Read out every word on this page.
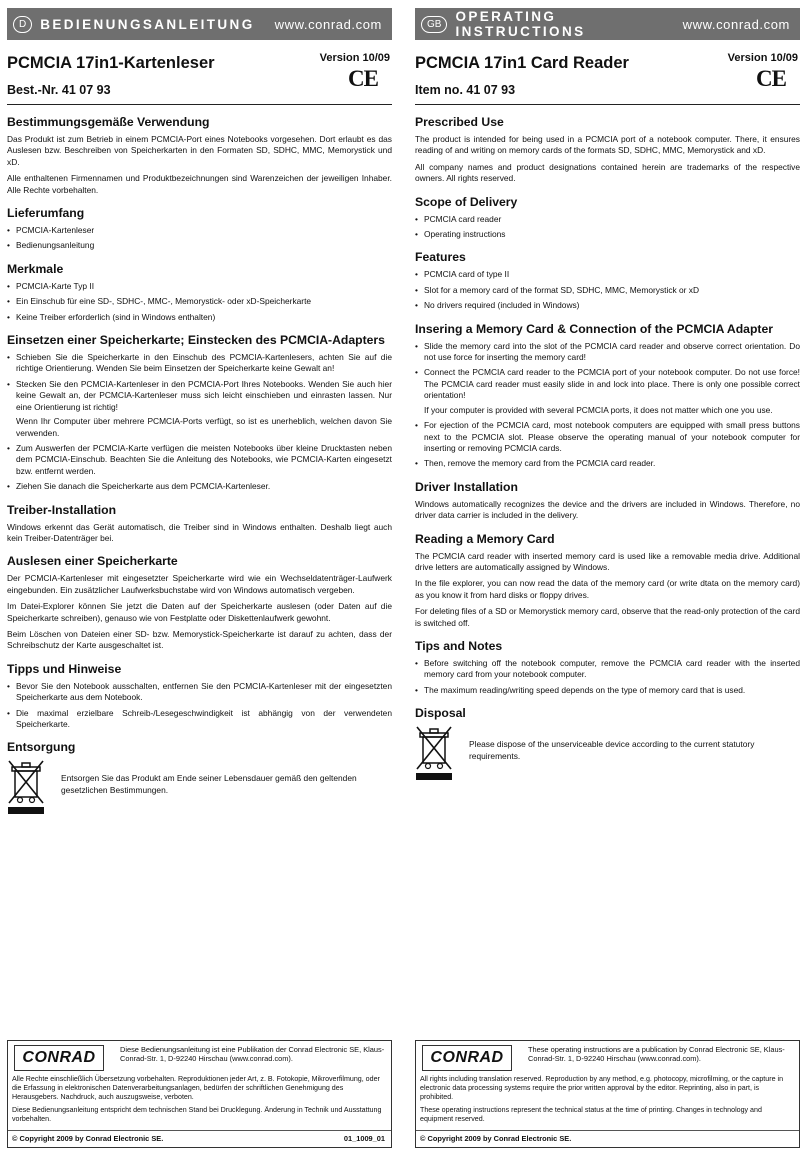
D	BEDIENUNGSANLEITUNG www.conrad.com
PCMCIA 17in1-Kartenleser
Best.-Nr. 41 07 93
Version 10/09
CE
Bestimmungsgemäße Verwendung

Das Produkt ist zum Betrieb in einem PCMCIA-Port eines Notebooks vorgesehen. Dort erlaubt es das Auslesen bzw. Beschreiben von Speicherkarten in den Formaten SD, SDHC, MMC, Memorystick und xD.

Alle enthaltenen Firmennamen und Produktbezeichnungen sind Warenzeichen der jeweiligen Inhaber. Alle Rechte vorbehalten.

Lieferumfang
• PCMCIA-Kartenleser
• Bedienungsanleitung
Merkmale
• PCMCIA-Karte Typ II
• Ein Einschub für eine SD-, SDHC-, MMC-, Memorystick- oder xD-Speicherkarte
• Keine Treiber erforderlich (sind in Windows enthalten)
Einsetzen einer Speicherkarte; Einstecken des PCMCIA-Adapters
• Schieben Sie die Speicherkarte in den Einschub des PCMCIA-Kartenlesers, achten Sie auf die richtige Orientierung. Wenden Sie beim Einsetzen der Speicherkarte keine Gewalt an!
• Stecken Sie den PCMCIA-Kartenleser in den PCMCIA-Port Ihres Notebooks. Wenden Sie auch hier keine Gewalt an, der PCMCIA-Kartenleser muss sich leicht einschieben und einrasten lassen. Nur eine Orientierung ist richtig!
Wenn Ihr Computer über mehrere PCMCIA-Ports verfügt, so ist es unerheblich, welchen davon Sie verwenden.
• Zum Auswerfen der PCMCIA-Karte verfügen die meisten Notebooks über kleine Drucktasten neben dem PCMCIA-Einschub. Beachten Sie die Anleitung des Notebooks, wie PCMCIA-Karten eingesetzt bzw. entfernt werden.
• Ziehen Sie danach die Speicherkarte aus dem PCMCIA-Kartenleser.
Treiber-Installation

Windows erkennt das Gerät automatisch, die Treiber sind in Windows enthalten. Deshalb liegt auch kein Treiber-Datenträger bei.

Auslesen einer Speicherkarte

Der PCMCIA-Kartenleser mit eingesetzter Speicherkarte wird wie ein Wechseldatenträger-Laufwerk eingebunden. Ein zusätzlicher Laufwerksbuchstabe wird von Windows automatisch vergeben.

Im Datei-Explorer können Sie jetzt die Daten auf der Speicherkarte auslesen (oder Daten auf die Speicherkarte schreiben), genauso wie von Festplatte oder Diskettenlaufwerk gewohnt.

Beim Löschen von Dateien einer SD- bzw. Memorystick-Speicherkarte ist darauf zu achten, dass der Schreibschutz der Karte ausgeschaltet ist.

Tipps und Hinweise
• Bevor Sie den Notebook ausschalten, entfernen Sie den PCMCIA-Kartenleser mit der eingesetzten Speicherkarte aus dem Notebook.
• Die maximal erzielbare Schreib-/Lesegeschwindigkeit ist abhängig von der verwendeten Speicherkarte.
Entsorgung
Entsorgen Sie das Produkt am Ende seiner Lebensdauer gemäß den geltenden gesetzlichen Bestimmungen.
GB	OPERATING INSTRUCTIONS	www.conrad.com
PCMCIA 17in1 Card Reader
Item no. 41 07 93
Version 10/09
CE
Prescribed Use

The product is intended for being used in a PCMCIA port of a notebook computer. There, it ensures reading of and writing on memory cards of the formats SD, SDHC, MMC, Memorystick and xD.

All company names and product designations contained herein are trademarks of the respective owners. All rights reserved.

Scope of Delivery
• PCMCIA card reader
• Operating instructions
Features
• PCMCIA card of type II
• Slot for a memory card of the format SD, SDHC, MMC, Memorystick or xD
• No drivers required (included in Windows)
Insering a Memory Card & Connection of the PCMCIA Adapter
• Slide the memory card into the slot of the PCMCIA card reader and observe correct orientation. Do not use force for inserting the memory card!
• Connect the PCMCIA card reader to the PCMCIA port of your notebook computer. Do not use force! The PCMCIA card reader must easily slide in and lock into place. There is only one possible correct orientation!
If your computer is provided with several PCMCIA ports, it does not matter which one you use.
• For ejection of the PCMCIA card, most notebook computers are equipped with small press buttons next to the PCMCIA slot. Please observe the operating manual of your notebook computer for inserting or removing PCMCIA cards.
• Then, remove the memory card from the PCMCIA card reader.
Driver Installation

Windows automatically recognizes the device and the drivers are included in Windows. Therefore, no driver data carrier is included in the delivery.

Reading a Memory Card

The PCMCIA card reader with inserted memory card is used like a removable media drive. Additional drive letters are automatically assigned by Windows.

In the file explorer, you can now read the data of the memory card (or write dtata on the memory card) as you know it from hard disks or floppy drives.

For deleting files of a SD or Memorystick memory card, observe that the read-only protection of the card is switched off.

Tips and Notes
• Before switching off the notebook computer, remove the PCMCIA card reader with the inserted memory card from your notebook computer.
• The maximum reading/writing speed depends on the type of memory card that is used.
Disposal
Please dispose of the unserviceable device according to the current statutory requirements.
CONRAD	Diese Bedienungsanleitung ist eine Publikation der Conrad Electronic SE, Klaus-Conrad-Str. 1, D-92240 Hirschau (www.conrad.com).
Alle Rechte einschließlich Übersetzung vorbehalten. Reproduktionen jeder Art, z. B. Fotokopie, Mikroverfilmung, oder die Erfassung in elektronischen Datenverarbeitungsanlagen, bedürfen der schriftlichen Genehmigung des Herausgebers. Nachdruck, auch auszugsweise, verboten.
Diese Bedienungsanleitung entspricht dem technischen Stand bei Drucklegung. Änderung in Technik und Ausstattung vorbehalten.
© Copyright 2009 by Conrad Electronic SE.	01_1009_01
CONRAD	These operating instructions are a publication by Conrad Electronic SE, Klaus-Conrad-Str. 1, D-92240 Hirschau (www.conrad.com).
All rights including translation reserved. Reproduction by any method, e.g. photocopy, microfilming, or the capture in electronic data processing systems require the prior written approval by the editor. Reprinting, also in part, is prohibited.
These operating instructions represent the technical status at the time of printing. Changes in technology and equipment reserved.
© Copyright 2009 by Conrad Electronic SE.
